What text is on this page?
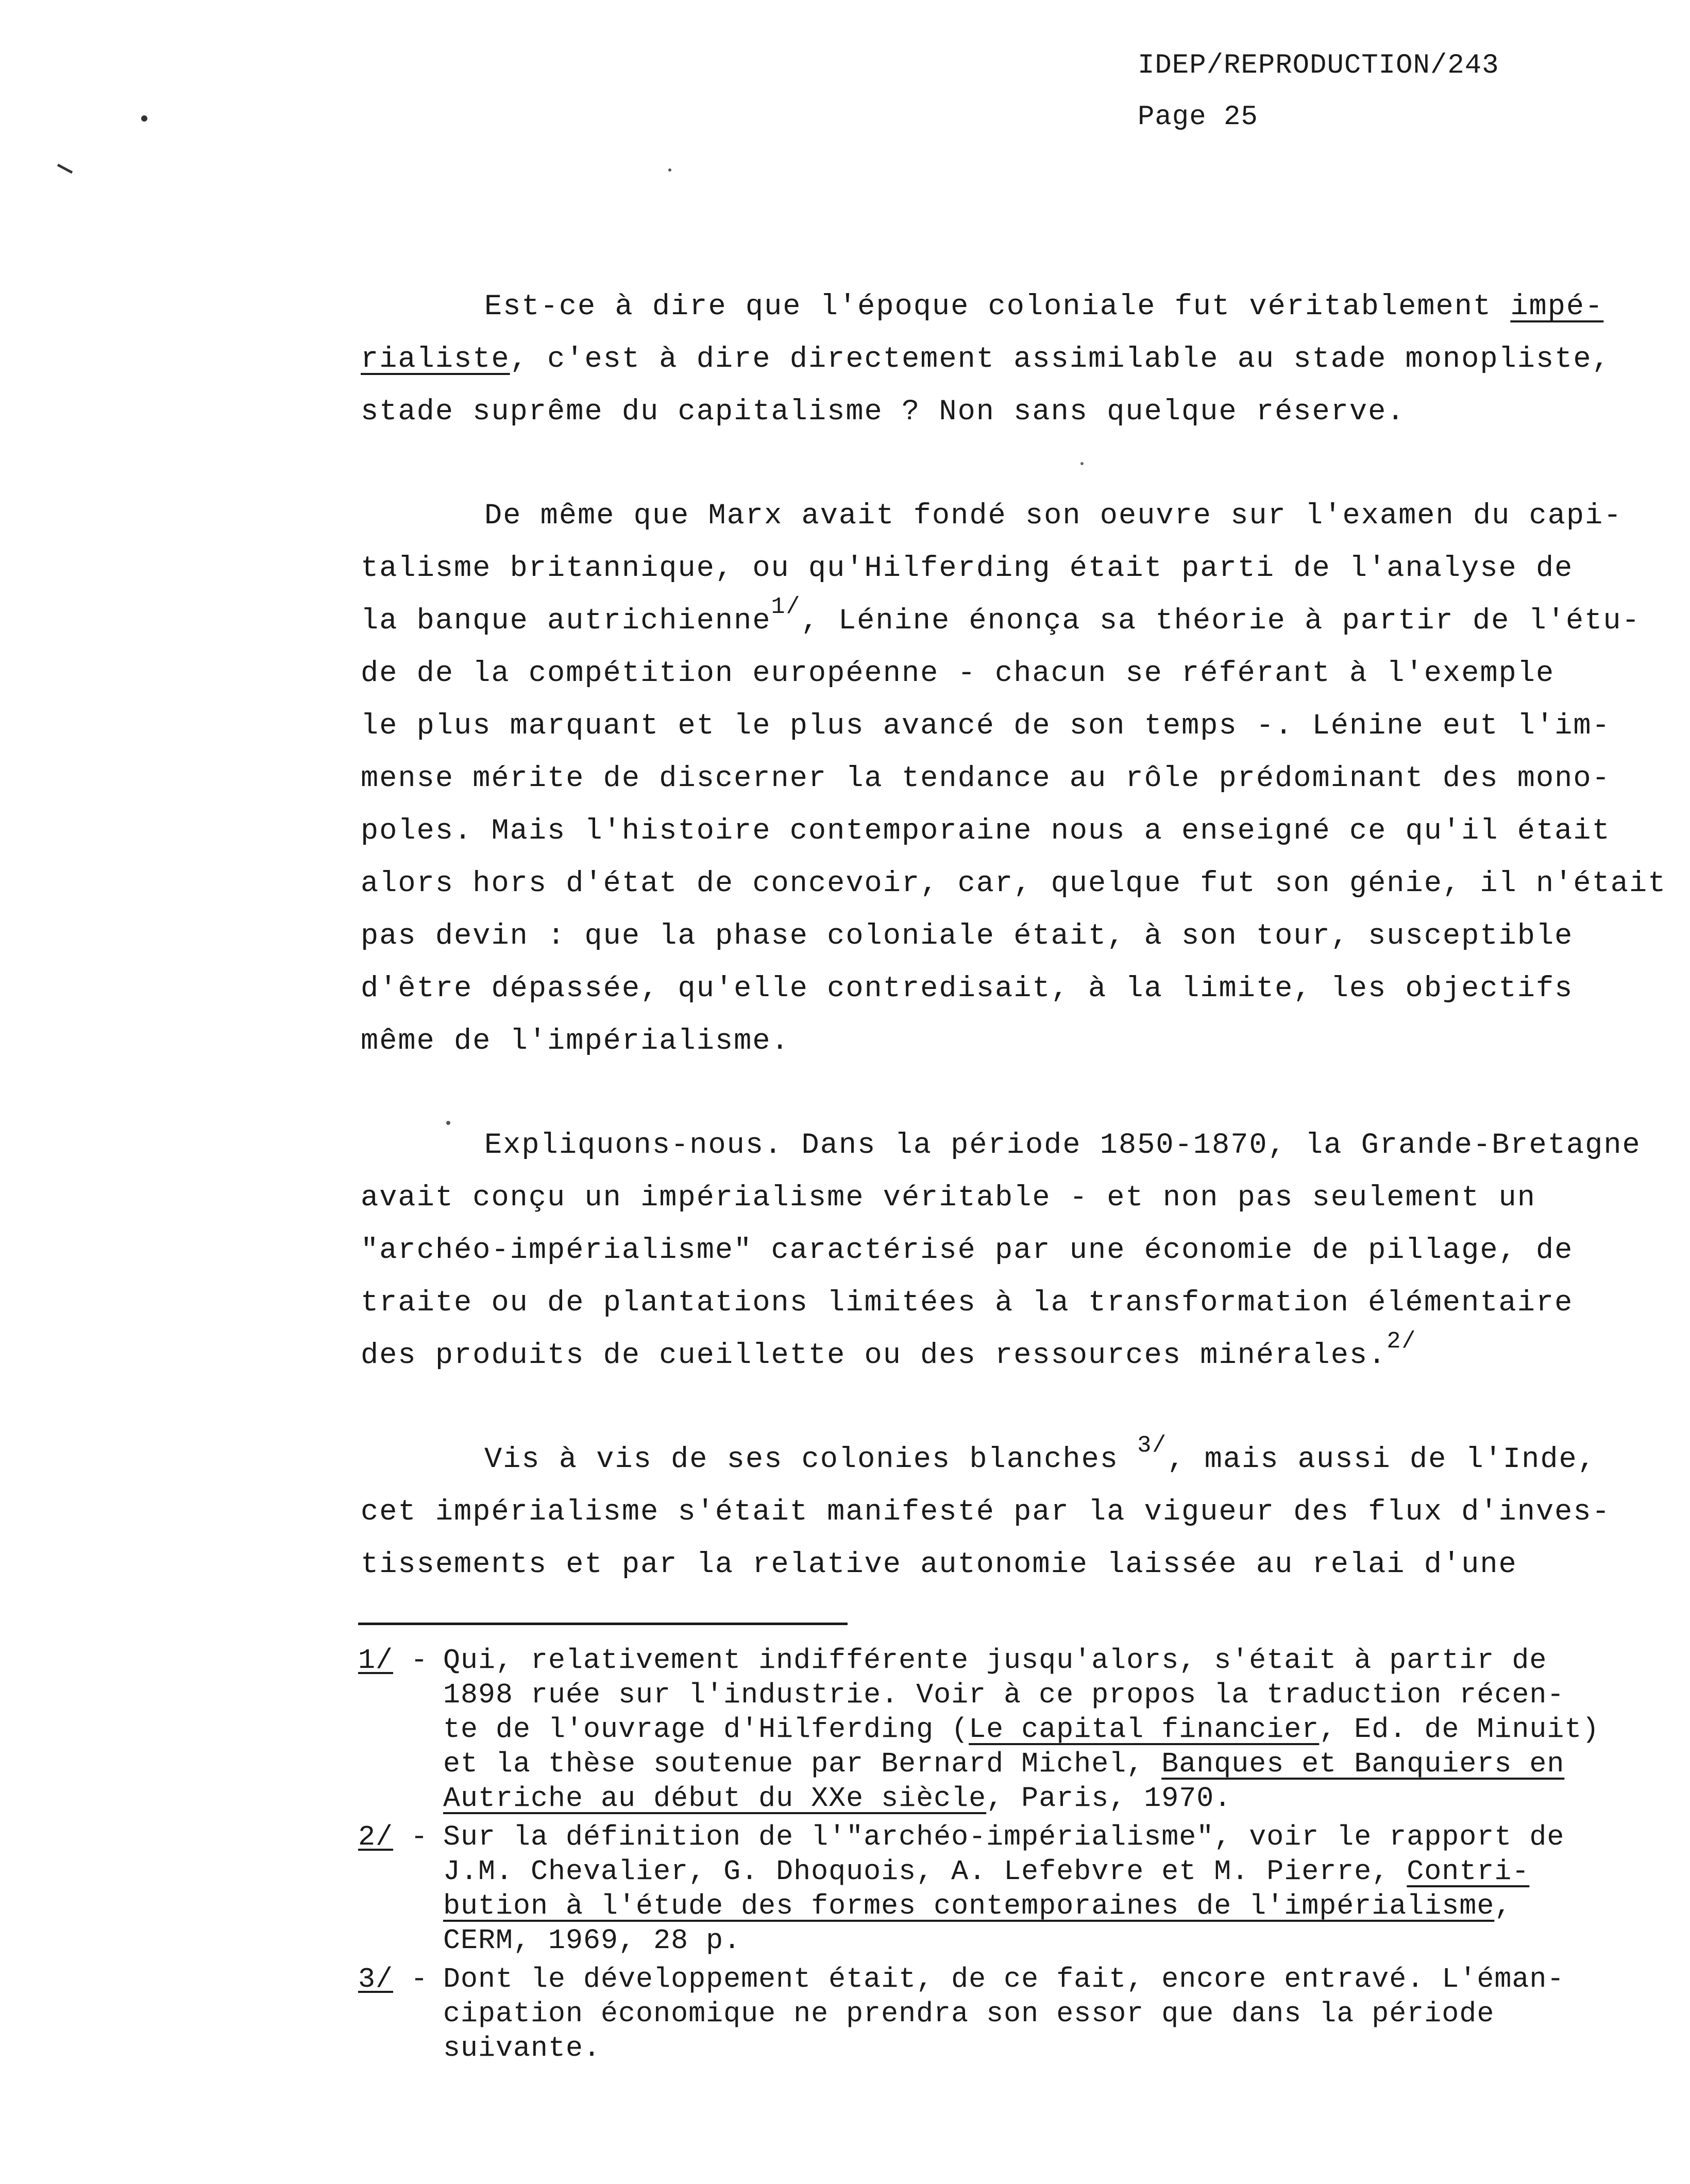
IDEP/REPRODUCTION/243
Page 25
Est-ce à dire que l'époque coloniale fut véritablement impé-
rialiste, c'est à dire directement assimilable au stade monopliste,
stade suprême du capitalisme ? Non sans quelque réserve.
De même que Marx avait fondé son oeuvre sur l'examen du capi-
talisme britannique, ou qu'Hilferding était parti de l'analyse de
la banque autrichienne$^{1/}$, Lénine énonça sa théorie à partir de l'étu-
de de la compétition européenne - chacun se référant à l'exemple
le plus marquant et le plus avancé de son temps -. Lénine eut l'im-
mense mérite de discerner la tendance au rôle prédominant des mono-
poles. Mais l'histoire contemporaine nous a enseigné ce qu'il était
alors hors d'état de concevoir, car, quelque fut son génie, il n'était
pas devin : que la phase coloniale était, à son tour, susceptible
d'être dépassée, qu'elle contredisait, à la limite, les objectifs
même de l'impérialisme.
Expliquons-nous. Dans la période 1850-1870, la Grande-Bretagne
avait conçu un impérialisme véritable - et non pas seulement un
"archéo-impérialisme" caractérisé par une économie de pillage, de
traite ou de plantations limitées à la transformation élémentaire
des produits de cueillette ou des ressources minérales.$^{2/}$
Vis à vis de ses colonies blanches $^{3/}$, mais aussi de l'Inde,
cet impérialisme s'était manifesté par la vigueur des flux d'inves-
tissements et par la relative autonomie laissée au relai d'une
1/ - Qui, relativement indifférente jusqu'alors, s'était à partir de
1898 ruée sur l'industrie. Voir à ce propos la traduction récen-
te de l'ouvrage d'Hilferding (Le capital financier, Ed. de Minuit)
et la thèse soutenue par Bernard Michel, Banques et Banquiers en
Autriche au début du XXe siècle, Paris, 1970.
2/ - Sur la définition de l'"archéo-impérialisme", voir le rapport de
J.M. Chevalier, G. Dhoquois, A. Lefebvre et M. Pierre, Contri-
bution à l'étude des formes contemporaines de l'impérialisme,
CERM, 1969, 28 p.
3/ - Dont le développement était, de ce fait, encore entravé. L'éman-
cipation économique ne prendra son essor que dans la période
suivante.
